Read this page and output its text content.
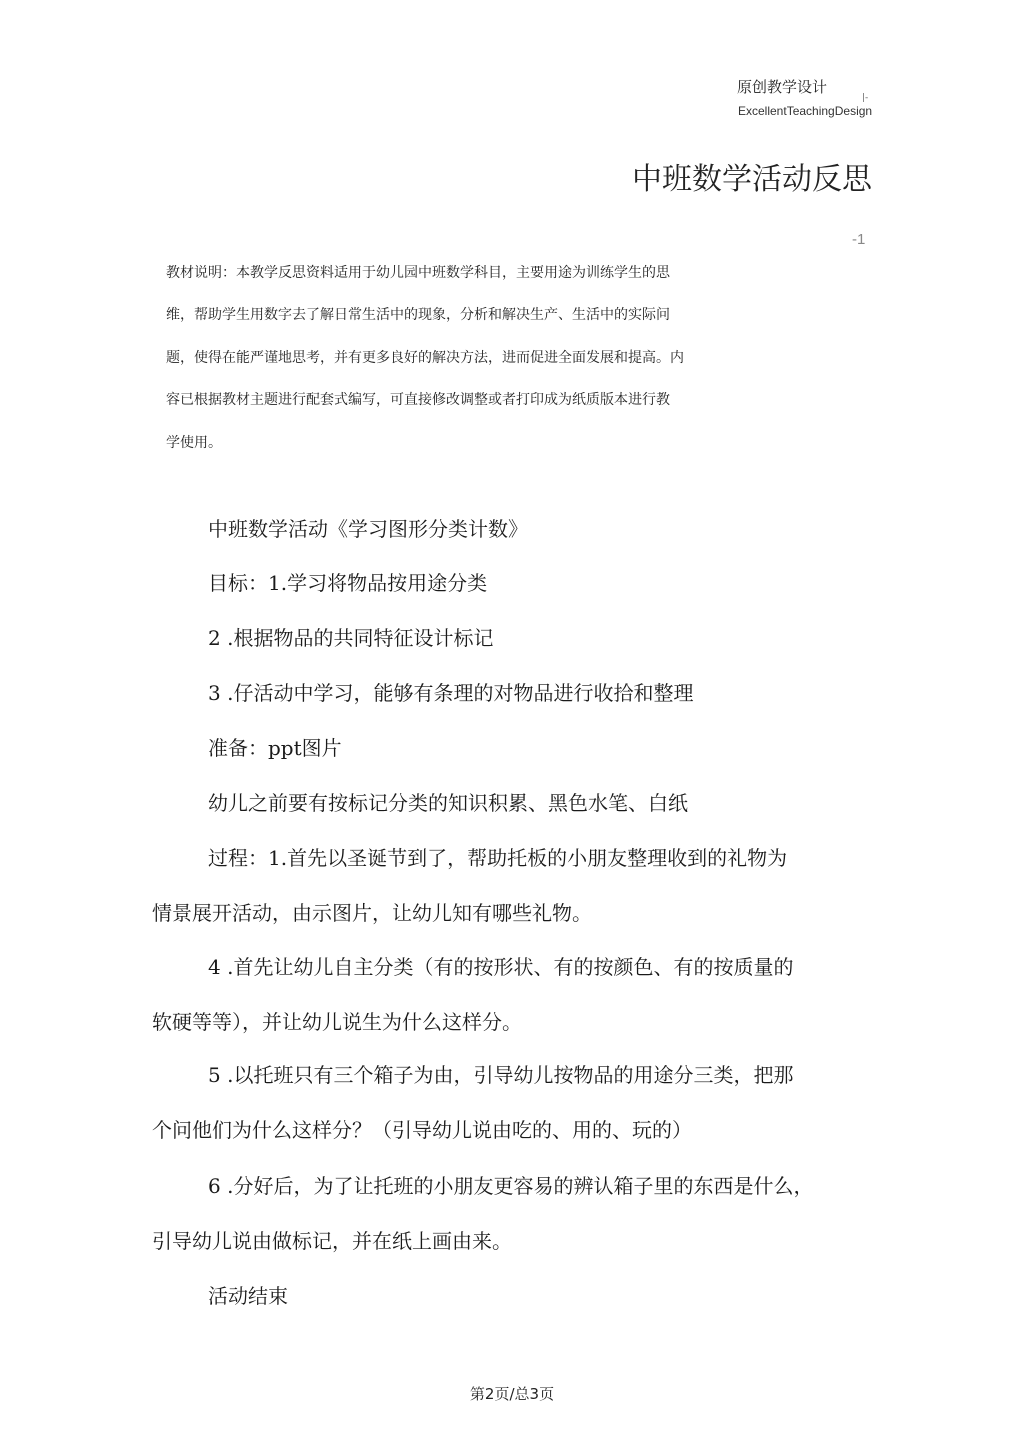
原创教学设计
|-
ExcellentTeachingDesign
中班数学活动反思
-1
教材说明：本教学反思资料适用于幼儿园中班数学科目，主要用途为训练学生的思
维，帮助学生用数字去了解日常生活中的现象，分析和解决生产、生活中的实际问
题，使得在能严谨地思考，并有更多良好的解决方法，进而促进全面发展和提高。内
容已根据教材主题进行配套式编写，可直接修改调整或者打印成为纸质版本进行教
学使用。
中班数学活动《学习图形分类计数》
目标：1.学习将物品按用途分类
2 .根据物品的共同特征设计标记
3 .仔活动中学习，能够有条理的对物品进行收拾和整理
准备：ppt图片
幼儿之前要有按标记分类的知识积累、黑色水笔、白纸
过程：1.首先以圣诞节到了，帮助托板的小朋友整理收到的礼物为
情景展开活动，由示图片，让幼儿知有哪些礼物。
4 .首先让幼儿自主分类（有的按形状、有的按颜色、有的按质量的
软硬等等），并让幼儿说生为什么这样分。
5 .以托班只有三个箱子为由，引导幼儿按物品的用途分三类，把那
个问他们为什么这样分？（引导幼儿说由吃的、用的、玩的）
6 .分好后，为了让托班的小朋友更容易的辨认箱子里的东西是什么，
引导幼儿说由做标记，并在纸上画由来。
活动结束
第2页/总3页
